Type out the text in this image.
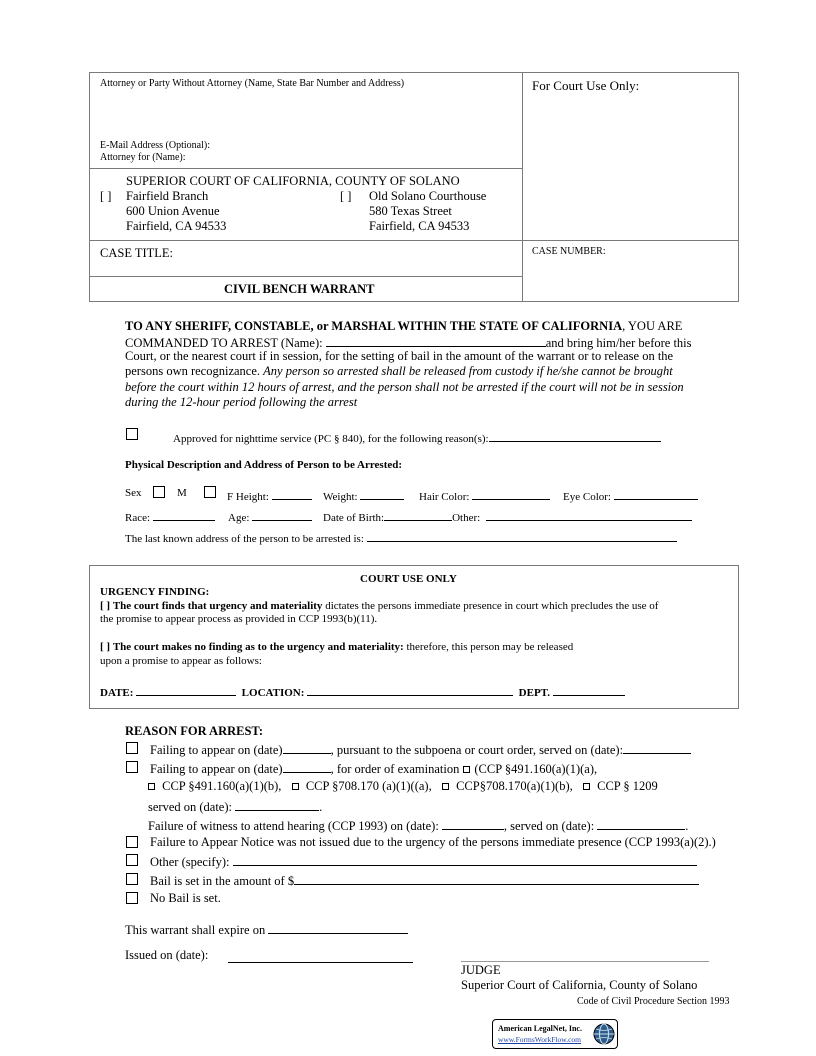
Attorney or Party Without Attorney (Name, State Bar Number and Address)
E-Mail Address (Optional):
Attorney for (Name):
For Court Use Only:
SUPERIOR COURT OF CALIFORNIA, COUNTY OF SOLANO
[ ] Fairfield Branch
600 Union Avenue
Fairfield, CA 94533
[ ] Old Solano Courthouse
580 Texas Street
Fairfield, CA 94533
CASE TITLE:	CASE NUMBER:
CIVIL BENCH WARRANT
TO ANY SHERIFF, CONSTABLE, or MARSHAL WITHIN THE STATE OF CALIFORNIA, YOU ARE
COMMANDED TO ARREST (Name):	and bring him/her before this
Court, or the nearest court if in session, for the setting of bail in the amount of the warrant or to release on the
persons own recognizance. Any person so arrested shall be released from custody if he/she cannot be brought
before the court within 12 hours of arrest, and the person shall not be arrested if the court will not be in session
during the 12-hour period following the arrest
Approved for nighttime service (PC § 840), for the following reason(s):
Physical Description and Address of Person to be Arrested:
Sex	M	F Height:	Weight:	Hair Color:	Eye Color:
Race:	Age:	Date of Birth:	Other:
The last known address of the person to be arrested is:
COURT USE ONLY
URGENCY FINDING:
[ ] The court finds that urgency and materiality dictates the persons immediate presence in court which precludes the use of
the promise to appear process as provided in CCP 1993(b)(11).
[ ] The court makes no finding as to the urgency and materiality: therefore, this person may be released
upon a promise to appear as follows:
DATE:	LOCATION:	DEPT.
REASON FOR ARREST:
Failing to appear on (date)	, pursuant to the subpoena or court order, served on (date):
Failing to appear on (date)	, for order of examination (CCP §491.160(a)(1)(a),
CCP §491.160(a)(1)(b), CCP §708.170 (a)(1)((a), CCP§708.170(a)(1)(b), CCP § 1209
served on (date):	.
Failure of witness to attend hearing (CCP 1993) on (date):	, served on (date):	.
Failure to Appear Notice was not issued due to the urgency of the persons immediate presence (CCP 1993(a)(2).)
Other (specify):
Bail is set in the amount of $
No Bail is set.
This warrant shall expire on
Issued on (date):
JUDGE
Superior Court of California, County of Solano
Code of Civil Procedure Section 1993
American LegalNet, Inc.
www.FormsWorkFlow.com
